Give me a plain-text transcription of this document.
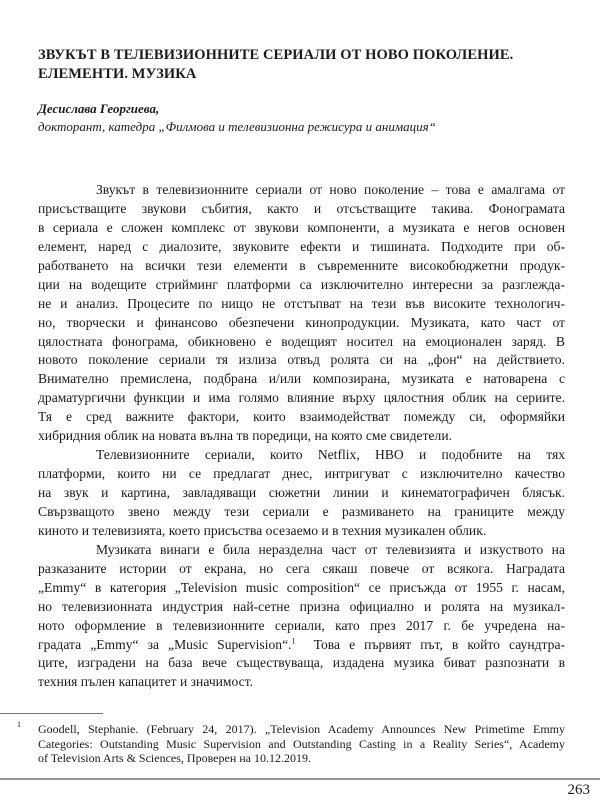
ЗВУКЪТ В ТЕЛЕВИЗИОННИТЕ СЕРИАЛИ ОТ НОВО ПОКОЛЕНИЕ.
ЕЛЕМЕНТИ. МУЗИКА
Десислава Георгиева,
докторант, катедра „Филмова и телевизионна режисура и анимация“
Звукът в телевизионните сериали от ново поколение – това е амалгама от
присъстващите звукови събития, както и отсъстващите такива. Фонограмата
в сериала е сложен комплекс от звукови компоненти, а музиката е негов основен
елемент, наред с диалозите, звуковите ефекти и тишината. Подходите при об-
работването на всички тези елементи в съвременните високобюджетни продук-
ции на водещите стрийминг платформи са изключително интересни за разглежда-
не и анализ. Процесите по нищо не отстъпват на тези във високите технологич-
но, творчески и финансово обезпечени кинопродукции. Музиката, като част от
цялостната фонограма, обикновено е водещият носител на емоционален заряд. В
новото поколение сериали тя излиза отвъд ролята си на „фон“ на действието.
Внимателно премислена, подбрана и/или композирана, музиката е натоварена с
драматургични функции и има голямо влияние върху цялостния облик на сериите.
Тя е сред важните фактори, които взаимодействат помежду си, оформяйки
хибридния облик на новата вълна тв поредици, на която сме свидетели.
Телевизионните сериали, които Netflix, HBO и подобните на тях
платформи, които ни се предлагат днес, интригуват с изключително качество
на звук и картина, завладяващи сюжетни линии и кинематографичен блясък.
Свързващото звено между тези сериали е размиването на границите между
киното и телевизията, което присъства осезаемо и в техния музикален облик.
Музиката винаги е била неразделна част от телевизията и изкуството на
разказаните истории от екрана, но сега сякаш повече от всякога. Наградата
„Emmy“ в категория „Television music composition“ се присъжда от 1955 г. насам,
но телевизионната индустрия най-сетне призна официално и ролята на музикал-
ното оформление в телевизионните сериали, като през 2017 г. бе учредена на-
градата „Emmy“ за „Music Supervision“.$^1$ Това е първият път, в който саундтра-
ците, изградени на база вече съществуваща, издадена музика биват разпознати в
техния пълен капацитет и значимост.
1	Goodell, Stephanie. (February 24, 2017). „Television Academy Announces New Primetime Emmy
Categories: Outstanding Music Supervision and Outstanding Casting in a Reality Series“, Academy
of Television Arts & Sciences, Проверен на 10.12.2019.
263
